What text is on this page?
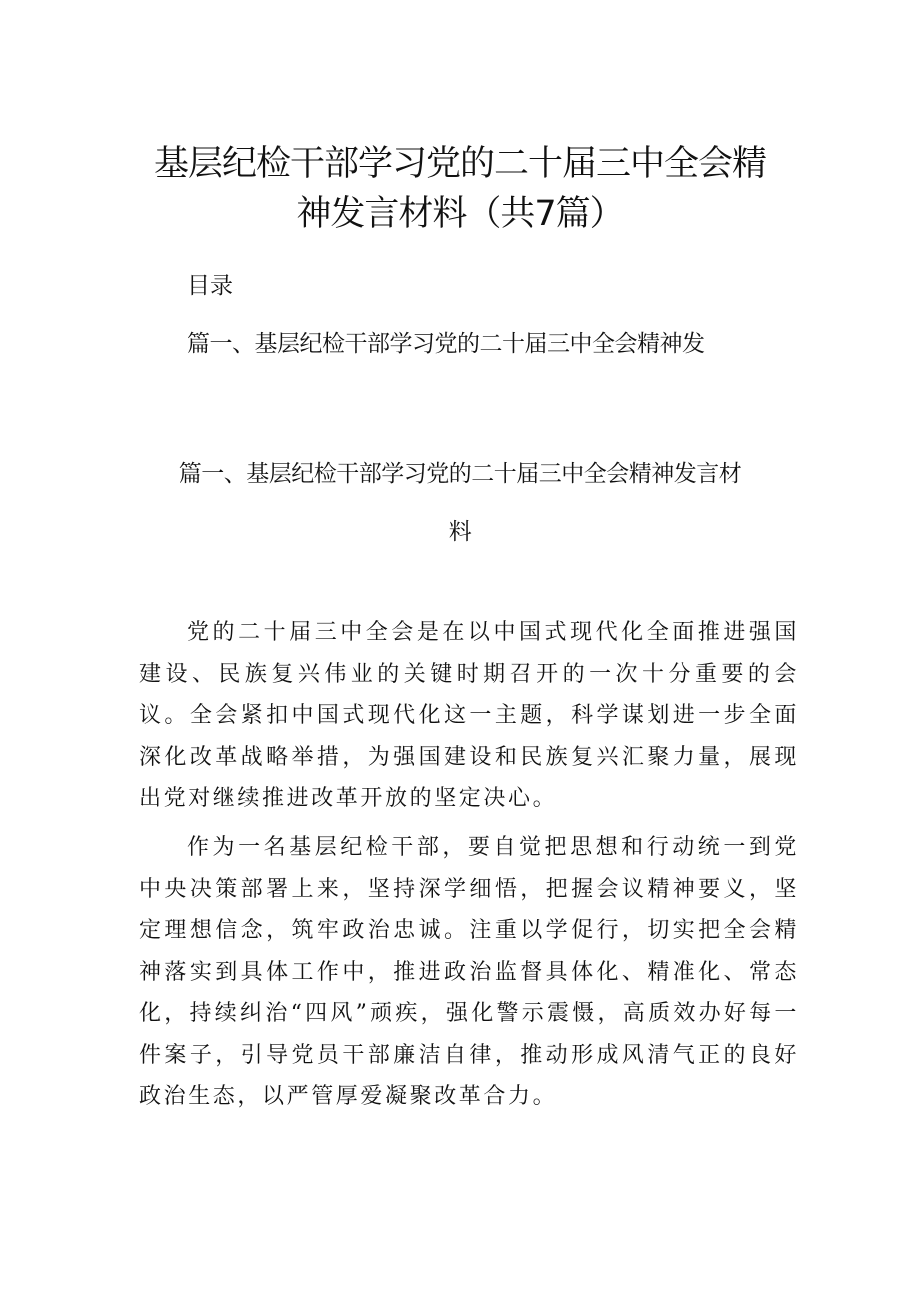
基层纪检干部学习党的二十届三中全会精
神发言材料（共7篇）
目录
篇一、基层纪检干部学习党的二十届三中全会精神发
篇一、基层纪检干部学习党的二十届三中全会精神发言材
料

党的二十届三中全会是在以中国式现代化全面推进强国建设、民族复兴伟业的关键时期召开的一次十分重要的会议。全会紧扣中国式现代化这一主题，科学谋划进一步全面深化改革战略举措，为强国建设和民族复兴汇聚力量，展现出党对继续推进改革开放的坚定决心。

作为一名基层纪检干部，要自觉把思想和行动统一到党中央决策部署上来，坚持深学细悟，把握会议精神要义，坚定理想信念，筑牢政治忠诚。注重以学促行，切实把全会精神落实到具体工作中，推进政治监督具体化、精准化、常态化，持续纠治“四风”顽疾，强化警示震慑，高质效办好每一件案子，引导党员干部廉洁自律，推动形成风清气正的良好政治生态，以严管厚爱凝聚改革合力。
